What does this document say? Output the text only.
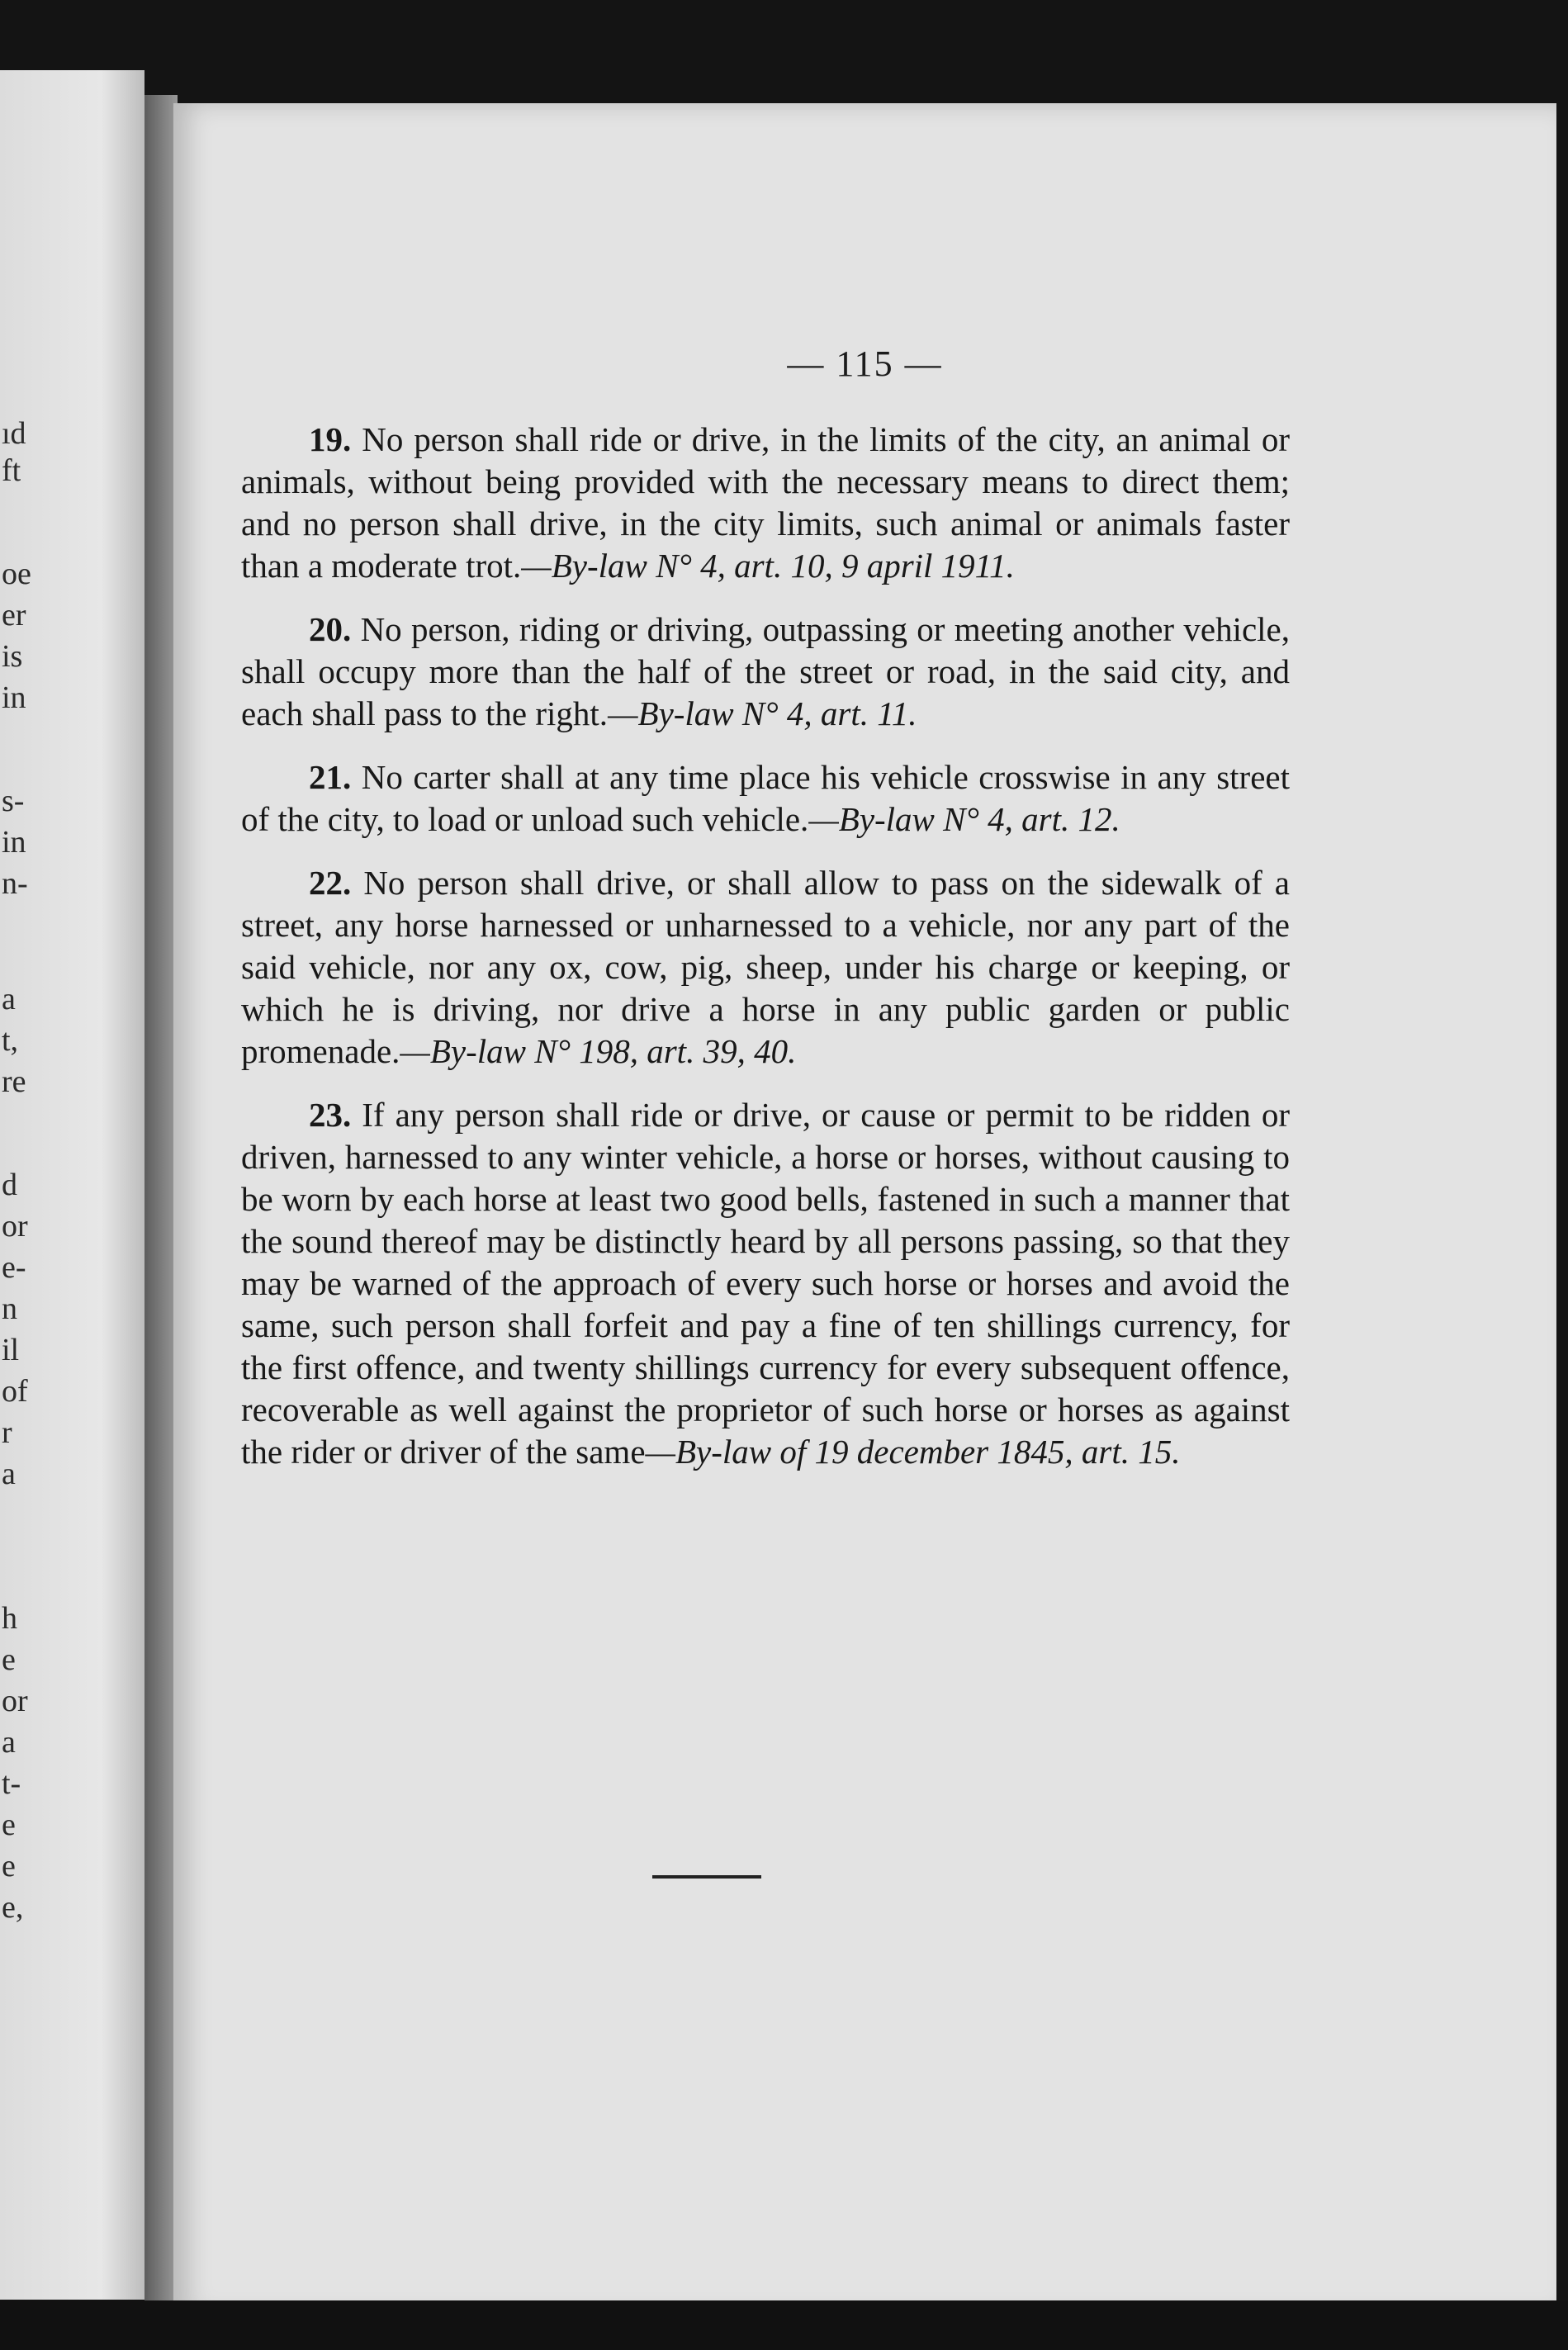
ıd
ft
oe
er
is
in
s-
in
n-
a
t,
re
d
or
e-
n
il
of
r
a
h
e
or
a
t-
e
e
e,
— 115 —

19. No person shall ride or drive, in the limits of the city, an animal or animals, without being provided with the necessary means to direct them; and no person shall drive, in the city limits, such animal or animals faster than a moderate trot.—By-law N° 4, art. 10, 9 april 1911.

20. No person, riding or driving, outpassing or meeting another vehicle, shall occupy more than the half of the street or road, in the said city, and each shall pass to the right.—By-law N° 4, art. 11.

21. No carter shall at any time place his vehicle crosswise in any street of the city, to load or unload such vehicle.—By-law N° 4, art. 12.

22. No person shall drive, or shall allow to pass on the sidewalk of a street, any horse harnessed or unharnessed to a vehicle, nor any part of the said vehicle, nor any ox, cow, pig, sheep, under his charge or keeping, or which he is driving, nor drive a horse in any public garden or public promenade.—By-law N° 198, art. 39, 40.

23. If any person shall ride or drive, or cause or permit to be ridden or driven, harnessed to any winter vehicle, a horse or horses, without causing to be worn by each horse at least two good bells, fastened in such a manner that the sound thereof may be distinctly heard by all persons passing, so that they may be warned of the approach of every such horse or horses and avoid the same, such person shall forfeit and pay a fine of ten shillings currency, for the first offence, and twenty shillings currency for every subsequent offence, recoverable as well against the proprietor of such horse or horses as against the rider or driver of the same—By-law of 19 december 1845, art. 15.
